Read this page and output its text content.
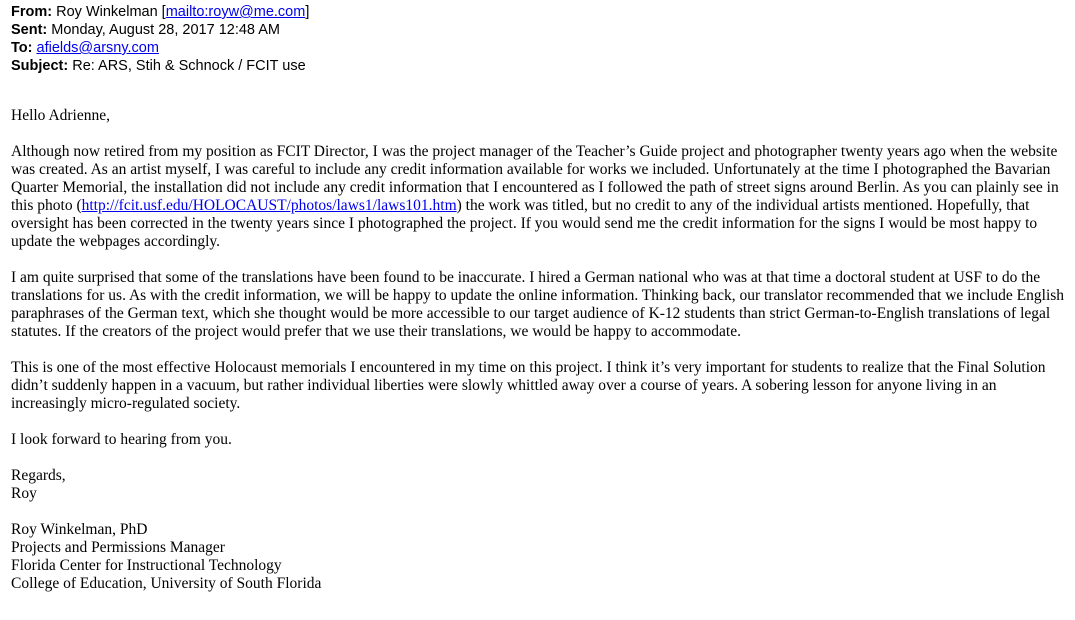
From: Roy Winkelman [mailto:royw@me.com]
Sent: Monday, August 28, 2017 12:48 AM
To: afields@arsny.com
Subject: Re: ARS, Stih & Schnock / FCIT use

Hello Adrienne,

Although now retired from my position as FCIT Director, I was the project manager of the Teacher’s Guide project and photographer twenty years ago when the website was created. As an artist myself, I was careful to include any credit information available for works we included. Unfortunately at the time I photographed the Bavarian Quarter Memorial, the installation did not include any credit information that I encountered as I followed the path of street signs around Berlin. As you can plainly see in this photo (http://fcit.usf.edu/HOLOCAUST/photos/laws1/laws101.htm) the work was titled, but no credit to any of the individual artists mentioned. Hopefully, that oversight has been corrected in the twenty years since I photographed the project. If you would send me the credit information for the signs I would be most happy to update the webpages accordingly.

I am quite surprised that some of the translations have been found to be inaccurate. I hired a German national who was at that time a doctoral student at USF to do the translations for us. As with the credit information, we will be happy to update the online information. Thinking back, our translator recommended that we include English paraphrases of the German text, which she thought would be more accessible to our target audience of K-12 students than strict German-to-English translations of legal statutes. If the creators of the project would prefer that we use their translations, we would be happy to accommodate.

This is one of the most effective Holocaust memorials I encountered in my time on this project. I think it’s very important for students to realize that the Final Solution didn’t suddenly happen in a vacuum, but rather individual liberties were slowly whittled away over a course of years. A sobering lesson for anyone living in an increasingly micro-regulated society.

I look forward to hearing from you.

Regards,

Roy

Roy Winkelman, PhD

Projects and Permissions Manager

Florida Center for Instructional Technology

College of Education, University of South Florida
